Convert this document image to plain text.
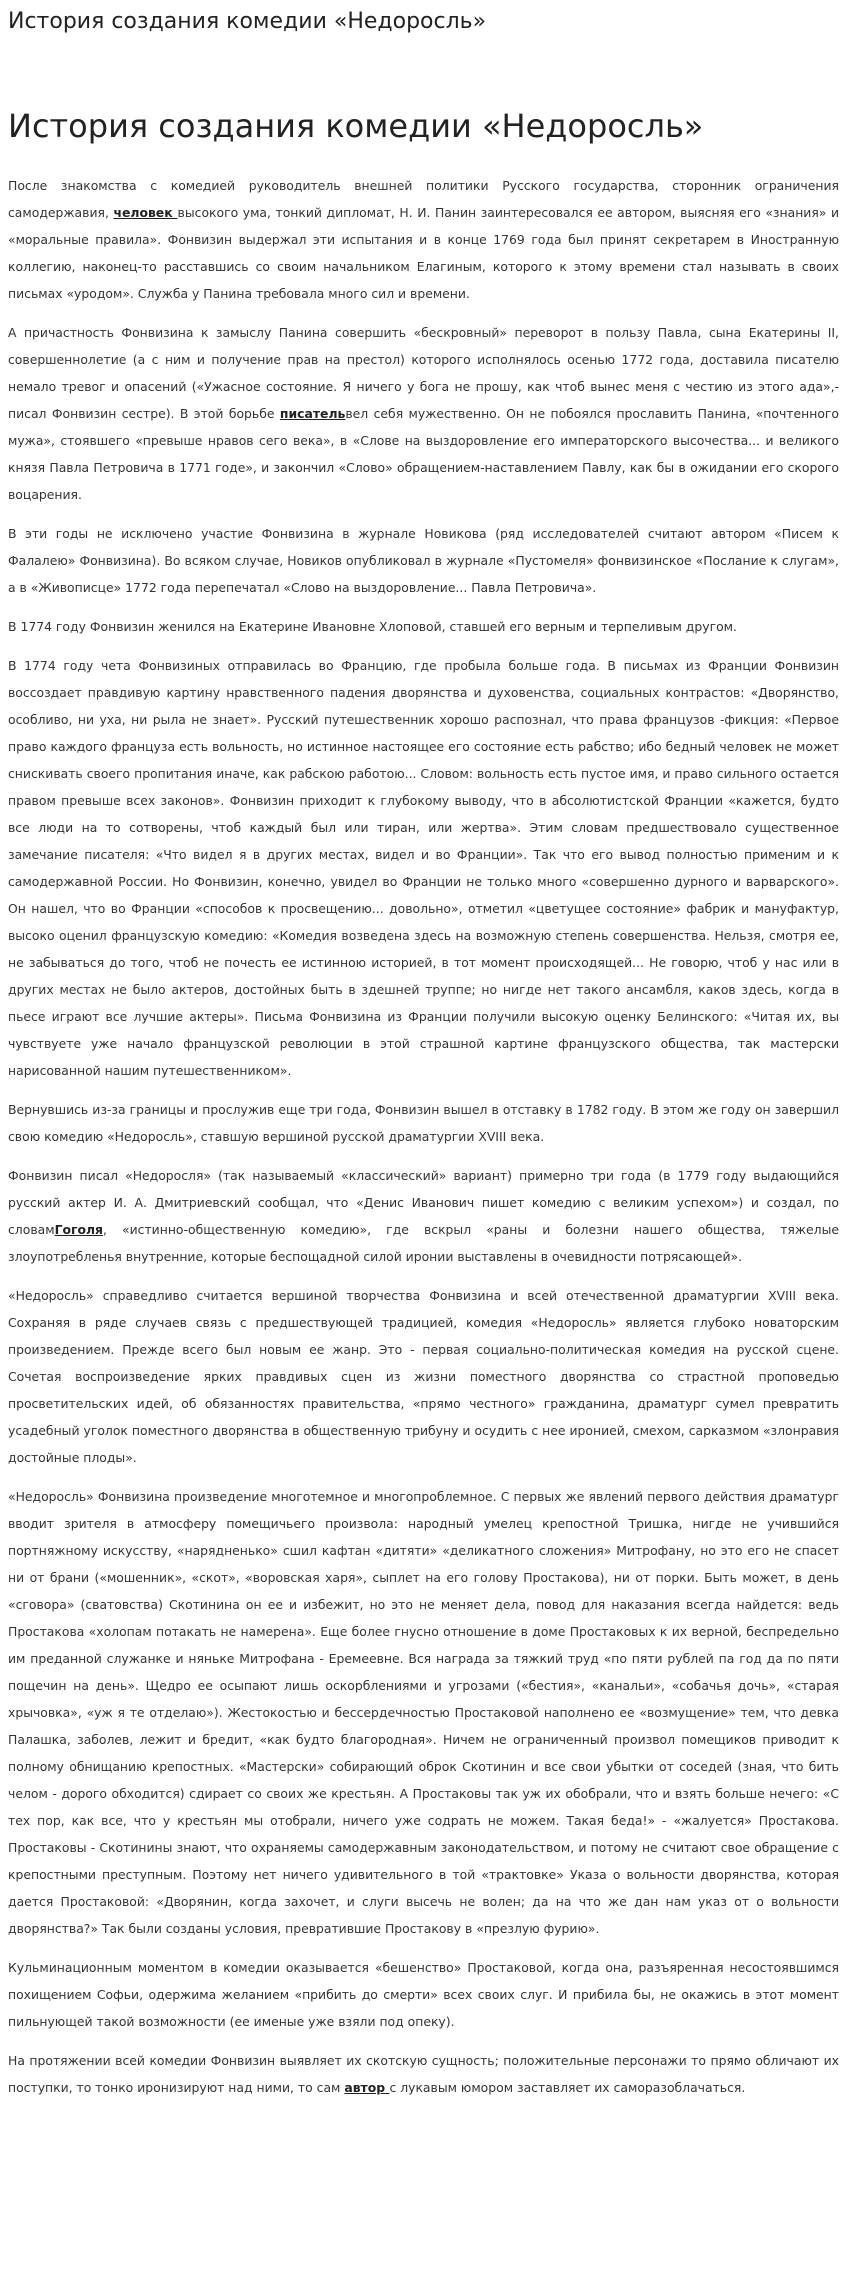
История создания комедии «Недоросль»
История создания комедии «Недоросль»

После знакомства с комедией руководитель внешней политики Русского государства, сторонник ограничения самодержавия, человек высокого ума, тонкий дипломат, Н. И. Панин заинтересовался ее автором, выясняя его «знания» и «моральные правила». Фонвизин выдержал эти испытания и в конце 1769 года был принят секретарем в Иностранную коллегию, наконец-то расставшись со своим начальником Елагиным, которого к этому времени стал называть в своих письмах «уродом». Служба у Панина требовала много сил и времени.

А причастность Фонвизина к замыслу Панина совершить «бескровный» переворот в пользу Павла, сына Екатерины II, совершеннолетие (а с ним и получение прав на престол) которого исполнялось осенью 1772 года, доставила писателю немало тревог и опасений («Ужасное состояние. Я ничего у бога не прошу, как чтоб вынес меня с честию из этого ада»,- писал Фонвизин сестре). В этой борьбе писательвел себя мужественно. Он не побоялся прославить Панина, «почтенного мужа», стоявшего «превыше нравов сего века», в «Слове на выздоровление его императорского высочества... и великого князя Павла Петровича в 1771 годе», и закончил «Слово» обращением-наставлением Павлу, как бы в ожидании его скорого воцарения.

В эти годы не исключено участие Фонвизина в журнале Новикова (ряд исследователей считают автором «Писем к Фалалею» Фонвизина). Во всяком случае, Новиков опубликовал в журнале «Пустомеля» фонвизинское «Послание к слугам», а в «Живописце» 1772 года перепечатал «Слово на выздоровление... Павла Петровича».

В 1774 году Фонвизин женился на Екатерине Ивановне Хлоповой, ставшей его верным и терпеливым другом.

В 1774 году чета Фонвизиных отправилась во Францию, где пробыла больше года. В письмах из Франции Фонвизин воссоздает правдивую картину нравственного падения дворянства и духовенства, социальных контрастов: «Дворянство, особливо, ни уха, ни рыла не знает». Русский путешественник хорошо распознал, что права французов -фикция: «Первое право каждого француза есть вольность, но истинное настоящее его состояние есть рабство; ибо бедный человек не может снискивать своего пропитания иначе, как рабскою работою... Словом: вольность есть пустое имя, и право сильного остается правом превыше всех законов». Фонвизин приходит к глубокому выводу, что в абсолютистской Франции «кажется, будто все люди на то сотворены, чтоб каждый был или тиран, или жертва». Этим словам предшествовало существенное замечание писателя: «Что видел я в других местах, видел и во Франции». Так что его вывод полностью применим и к самодержавной России. Но Фонвизин, конечно, увидел во Франции не только много «совершенно дурного и варварского». Он нашел, что во Франции «способов к просвещению... довольно», отметил «цветущее состояние» фабрик и мануфактур, высоко оценил французскую комедию: «Комедия возведена здесь на возможную степень совершенства. Нельзя, смотря ее, не забываться до того, чтоб не почесть ее истинною историей, в тот момент происходящей... Не говорю, чтоб у нас или в других местах не было актеров, достойных быть в здешней труппе; но нигде нет такого ансамбля, каков здесь, когда в пьесе играют все лучшие актеры». Письма Фонвизина из Франции получили высокую оценку Белинского: «Читая их, вы чувствуете уже начало французской революции в этой страшной картине французского общества, так мастерски нарисованной нашим путешественником».

Вернувшись из-за границы и прослужив еще три года, Фонвизин вышел в отставку в 1782 году. В этом же году он завершил свою комедию «Недоросль», ставшую вершиной русской драматургии XVIII века.

Фонвизин писал «Недоросля» (так называемый «классический» вариант) примерно три года (в 1779 году выдающийся русский актер И. А. Дмитриевский сообщал, что «Денис Иванович пишет комедию с великим успехом») и создал, по словамГоголя, «истинно-общественную комедию», где вскрыл «раны и болезни нашего общества, тяжелые злоупотребленья внутренние, которые беспощадной силой иронии выставлены в очевидности потрясающей».

«Недоросль» справедливо считается вершиной творчества Фонвизина и всей отечественной драматургии XVIII века. Сохраняя в ряде случаев связь с предшествующей традицией, комедия «Недоросль» является глубоко новаторским произведением. Прежде всего был новым ее жанр. Это - первая социально-политическая комедия на русской сцене. Сочетая воспроизведение ярких правдивых сцен из жизни поместного дворянства со страстной проповедью просветительских идей, об обязанностях правительства, «прямо честного» гражданина, драматург сумел превратить усадебный уголок поместного дворянства в общественную трибуну и осудить с нее иронией, смехом, сарказмом «злонравия достойные плоды».

«Недоросль» Фонвизина произведение многотемное и многопроблемное. С первых же явлений первого действия драматург вводит зрителя в атмосферу помещичьего произвола: народный умелец крепостной Тришка, нигде не учившийся портняжному искусству, «нарядненько» сшил кафтан «дитяти» «деликатного сложения» Митрофану, но это его не спасет ни от брани («мошенник», «скот», «воровская харя», сыплет на его голову Простакова), ни от порки. Быть может, в день «сговора» (сватовства) Скотинина он ее и избежит, но это не меняет дела, повод для наказания всегда найдется: ведь Простакова «холопам потакать не намерена». Еще более гнусно отношение в доме Простаковых к их верной, беспредельно им преданной служанке и няньке Митрофана - Еремеевне. Вся награда за тяжкий труд «по пяти рублей па год да по пяти пощечин на день». Щедро ее осыпают лишь оскорблениями и угрозами («бестия», «канальи», «собачья дочь», «старая хрычовка», «уж я те отделаю»). Жестокостью и бессердечностью Простаковой наполнено ее «возмущение» тем, что девка Палашка, заболев, лежит и бредит, «как будто благородная». Ничем не ограниченный произвол помещиков приводит к полному обнищанию крепостных. «Мастерски» собирающий оброк Скотинин и все свои убытки от соседей (зная, что бить челом - дорого обходится) сдирает со своих же крестьян. А Простаковы так уж их обобрали, что и взять больше нечего: «С тех пор, как все, что у крестьян мы отобрали, ничего уже содрать не можем. Такая беда!» - «жалуется» Простакова. Простаковы - Скотинины знают, что охраняемы самодержавным законодательством, и потому не считают свое обращение с крепостными преступным. Поэтому нет ничего удивительного в той «трактовке» Указа о вольности дворянства, которая дается Простаковой: «Дворянин, когда захочет, и слуги высечь не волен; да на что же дан нам указ от о вольности дворянства?» Так были созданы условия, превратившие Простакову в «презлую фурию».

Кульминационным моментом в комедии оказывается «бешенство» Простаковой, когда она, разъяренная несостоявшимся похищением Софьи, одержима желанием «прибить до смерти» всех своих слуг. И прибила бы, не окажись в этот момент пильнующей такой возможности (ее именые уже взяли под опеку).

На протяжении всей комедии Фонвизин выявляет их скотскую сущность; положительные персонажи то прямо обличают их поступки, то тонко иронизируют над ними, то сам автор с лукавым юмором заставляет их саморазоблачаться.
